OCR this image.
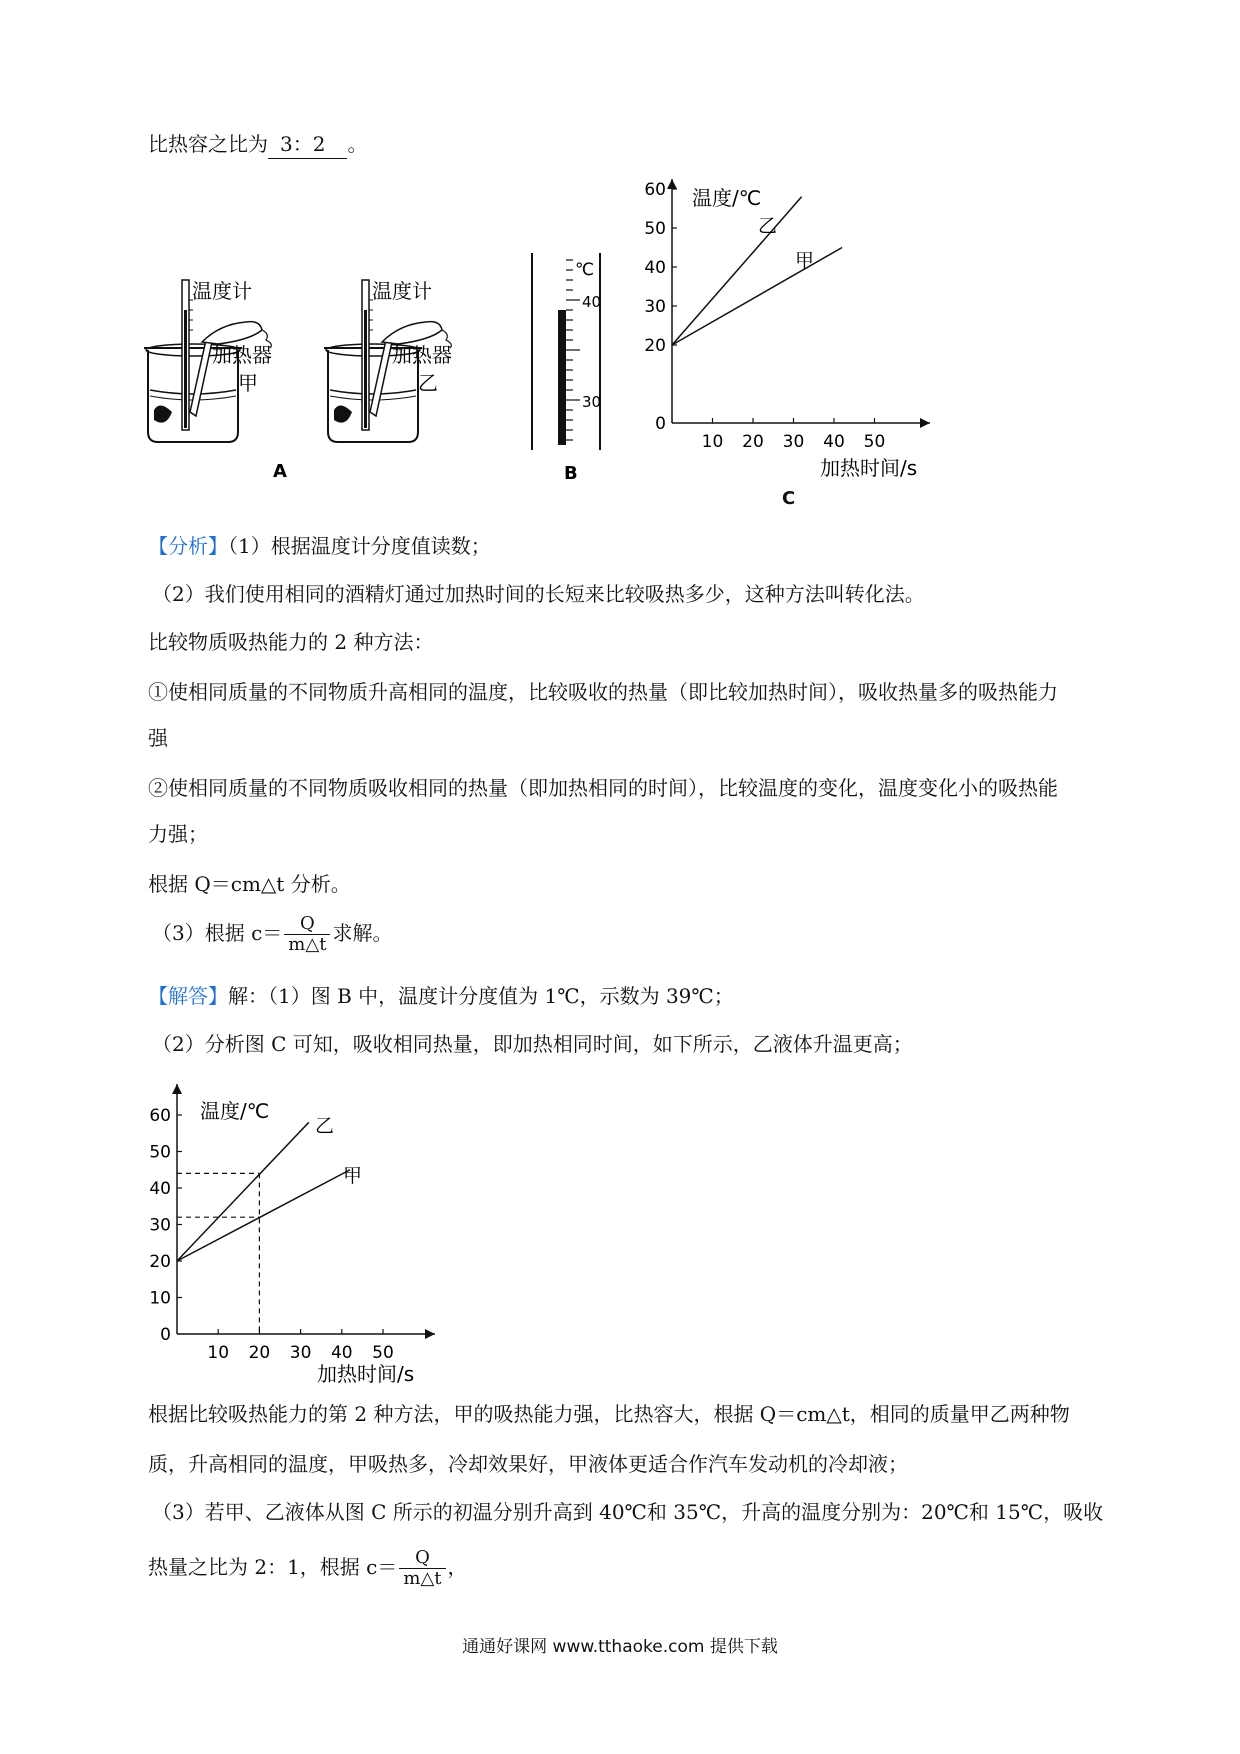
比热容之比为 3：2 。
温度计
加热器
甲
温度计
加热器
乙
A
℃
40
30
B
60
50
40
30
20
0
10 20 30 40 50
乙
甲
温度/℃
加热时间/s
【分析】（1）根据温度计分度值读数；
（2）我们使用相同的酒精灯通过加热时间的长短来比较吸热多少，这种方法叫转化法。
比较物质吸热能力的 2 种方法：
①使相同质量的不同物质升高相同的温度，比较吸收的热量（即比较加热时间），吸收热量多的吸热能力
强
②使相同质量的不同物质吸收相同的热量（即加热相同的时间），比较温度的变化，温度变化小的吸热能
力强；
根据 Q＝cm△t 分析。
（3）根据 $c= \frac{Q}{m\triangle t}$ 求解。
【解答】解：（1）图 B 中，温度计分度值为 1℃，示数为 39℃；
（2）分析图 C 可知，吸收相同热量，即加热相同时间，如下所示，乙液体升温更高；
60
50
40
30
20
10
0
10 20 30 40 50
乙
甲
温度/℃
加热时间/s
根据比较吸热能力的第 2 种方法，甲的吸热能力强，比热容大，根据 Q＝cm△t，相同的质量甲乙两种物
质，升高相同的温度，甲吸热多，冷却效果好，甲液体更适合作汽车发动机的冷却液；
（3）若甲、乙液体从图 C 所示的初温分别升高到 40℃和 35℃，升高的温度分别为：20℃和 15℃，吸收
热量之比为 2：1，根据 $c= \frac{Q}{m\triangle t}$ ，
通通好课网 www.tthaoke.com 提供下载
C
